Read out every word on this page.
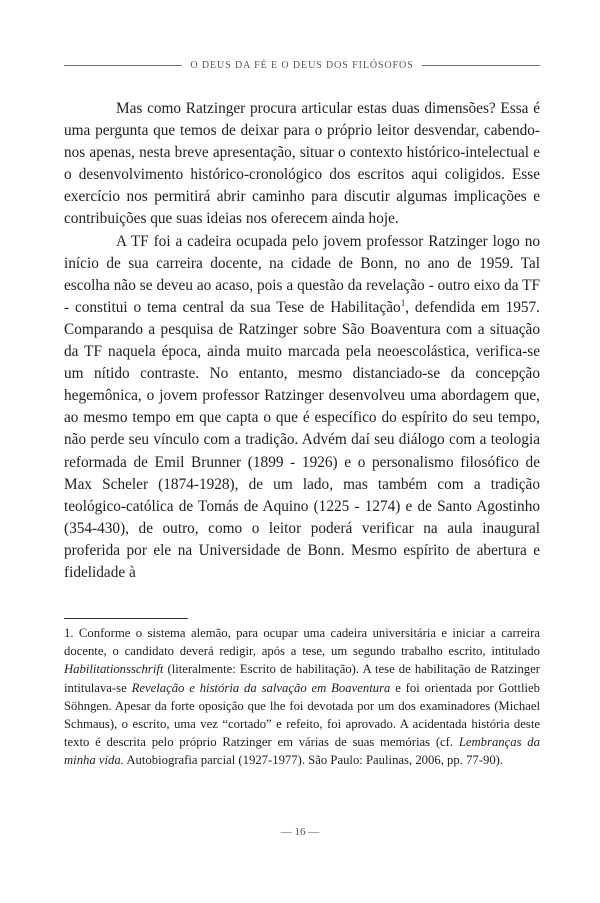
O DEUS DA FÉ E O DEUS DOS FILÓSOFOS

Mas como Ratzinger procura articular estas duas dimensões? Essa é uma pergunta que temos de deixar para o próprio leitor desvendar, cabendo-nos apenas, nesta breve apresentação, situar o contexto histórico-intelectual e o desenvolvimento histórico-cronológico dos escritos aqui coligidos. Esse exercício nos permitirá abrir caminho para discutir algumas implicações e contribuições que suas ideias nos oferecem ainda hoje.

A TF foi a cadeira ocupada pelo jovem professor Ratzinger logo no início de sua carreira docente, na cidade de Bonn, no ano de 1959. Tal escolha não se deveu ao acaso, pois a questão da revelação - outro eixo da TF - constitui o tema central da sua Tese de Habilitação$^1$, defendida em 1957. Comparando a pesquisa de Ratzinger sobre São Boaventura com a situação da TF naquela época, ainda muito marcada pela neoescolástica, verifica-se um nítido contraste. No entanto, mesmo distanciado-se da concepção hegemônica, o jovem professor Ratzinger desenvolveu uma abordagem que, ao mesmo tempo em que capta o que é específico do espírito do seu tempo, não perde seu vínculo com a tradição. Advém daí seu diálogo com a teologia reformada de Emil Brunner (1899 - 1926) e o personalismo filosófico de Max Scheler (1874-1928), de um lado, mas também com a tradição teológico-católica de Tomás de Aquino (1225 - 1274) e de Santo Agostinho (354-430), de outro, como o leitor poderá verificar na aula inaugural proferida por ele na Universidade de Bonn. Mesmo espírito de abertura e fidelidade à

1. Conforme o sistema alemão, para ocupar uma cadeira universitária e iniciar a carreira docente, o candidato deverá redigir, após a tese, um segundo trabalho escrito, intitulado Habilitationsschrift (literalmente: Escrito de habilitação). A tese de habilitação de Ratzinger intitulava-se Revelação e história da salvação em Boaventura e foi orientada por Gottlieb Söhngen. Apesar da forte oposição que lhe foi devotada por um dos examinadores (Michael Schmaus), o escrito, uma vez “cortado” e refeito, foi aprovado. A acidentada história deste texto é descrita pelo próprio Ratzinger em várias de suas memórias (cf. Lembranças da minha vida. Autobiografia parcial (1927-1977). São Paulo: Paulinas, 2006, pp. 77-90).

— 16 —
